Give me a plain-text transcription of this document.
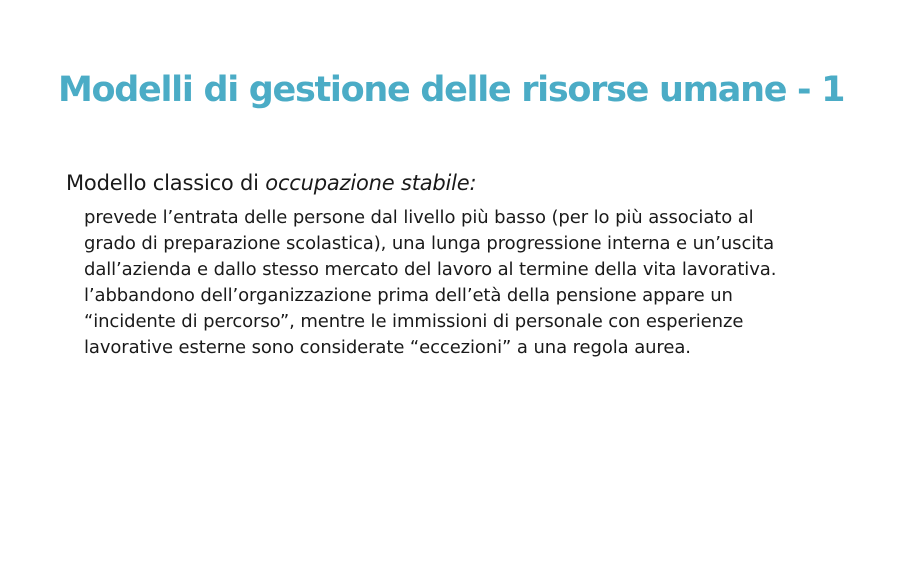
Modelli di gestione delle risorse umane - 1
Modello classico di occupazione stabile:

prevede l’entrata delle persone dal livello più basso (per lo più associato al grado di preparazione scolastica), una lunga progressione interna e un’uscita dall’azienda e dallo stesso mercato del lavoro al termine della vita lavorativa.

l’abbandono dell’organizzazione prima dell’età della pensione appare un “incidente di percorso”, mentre le immissioni di personale con esperienze lavorative esterne sono considerate “eccezioni” a una regola aurea.
